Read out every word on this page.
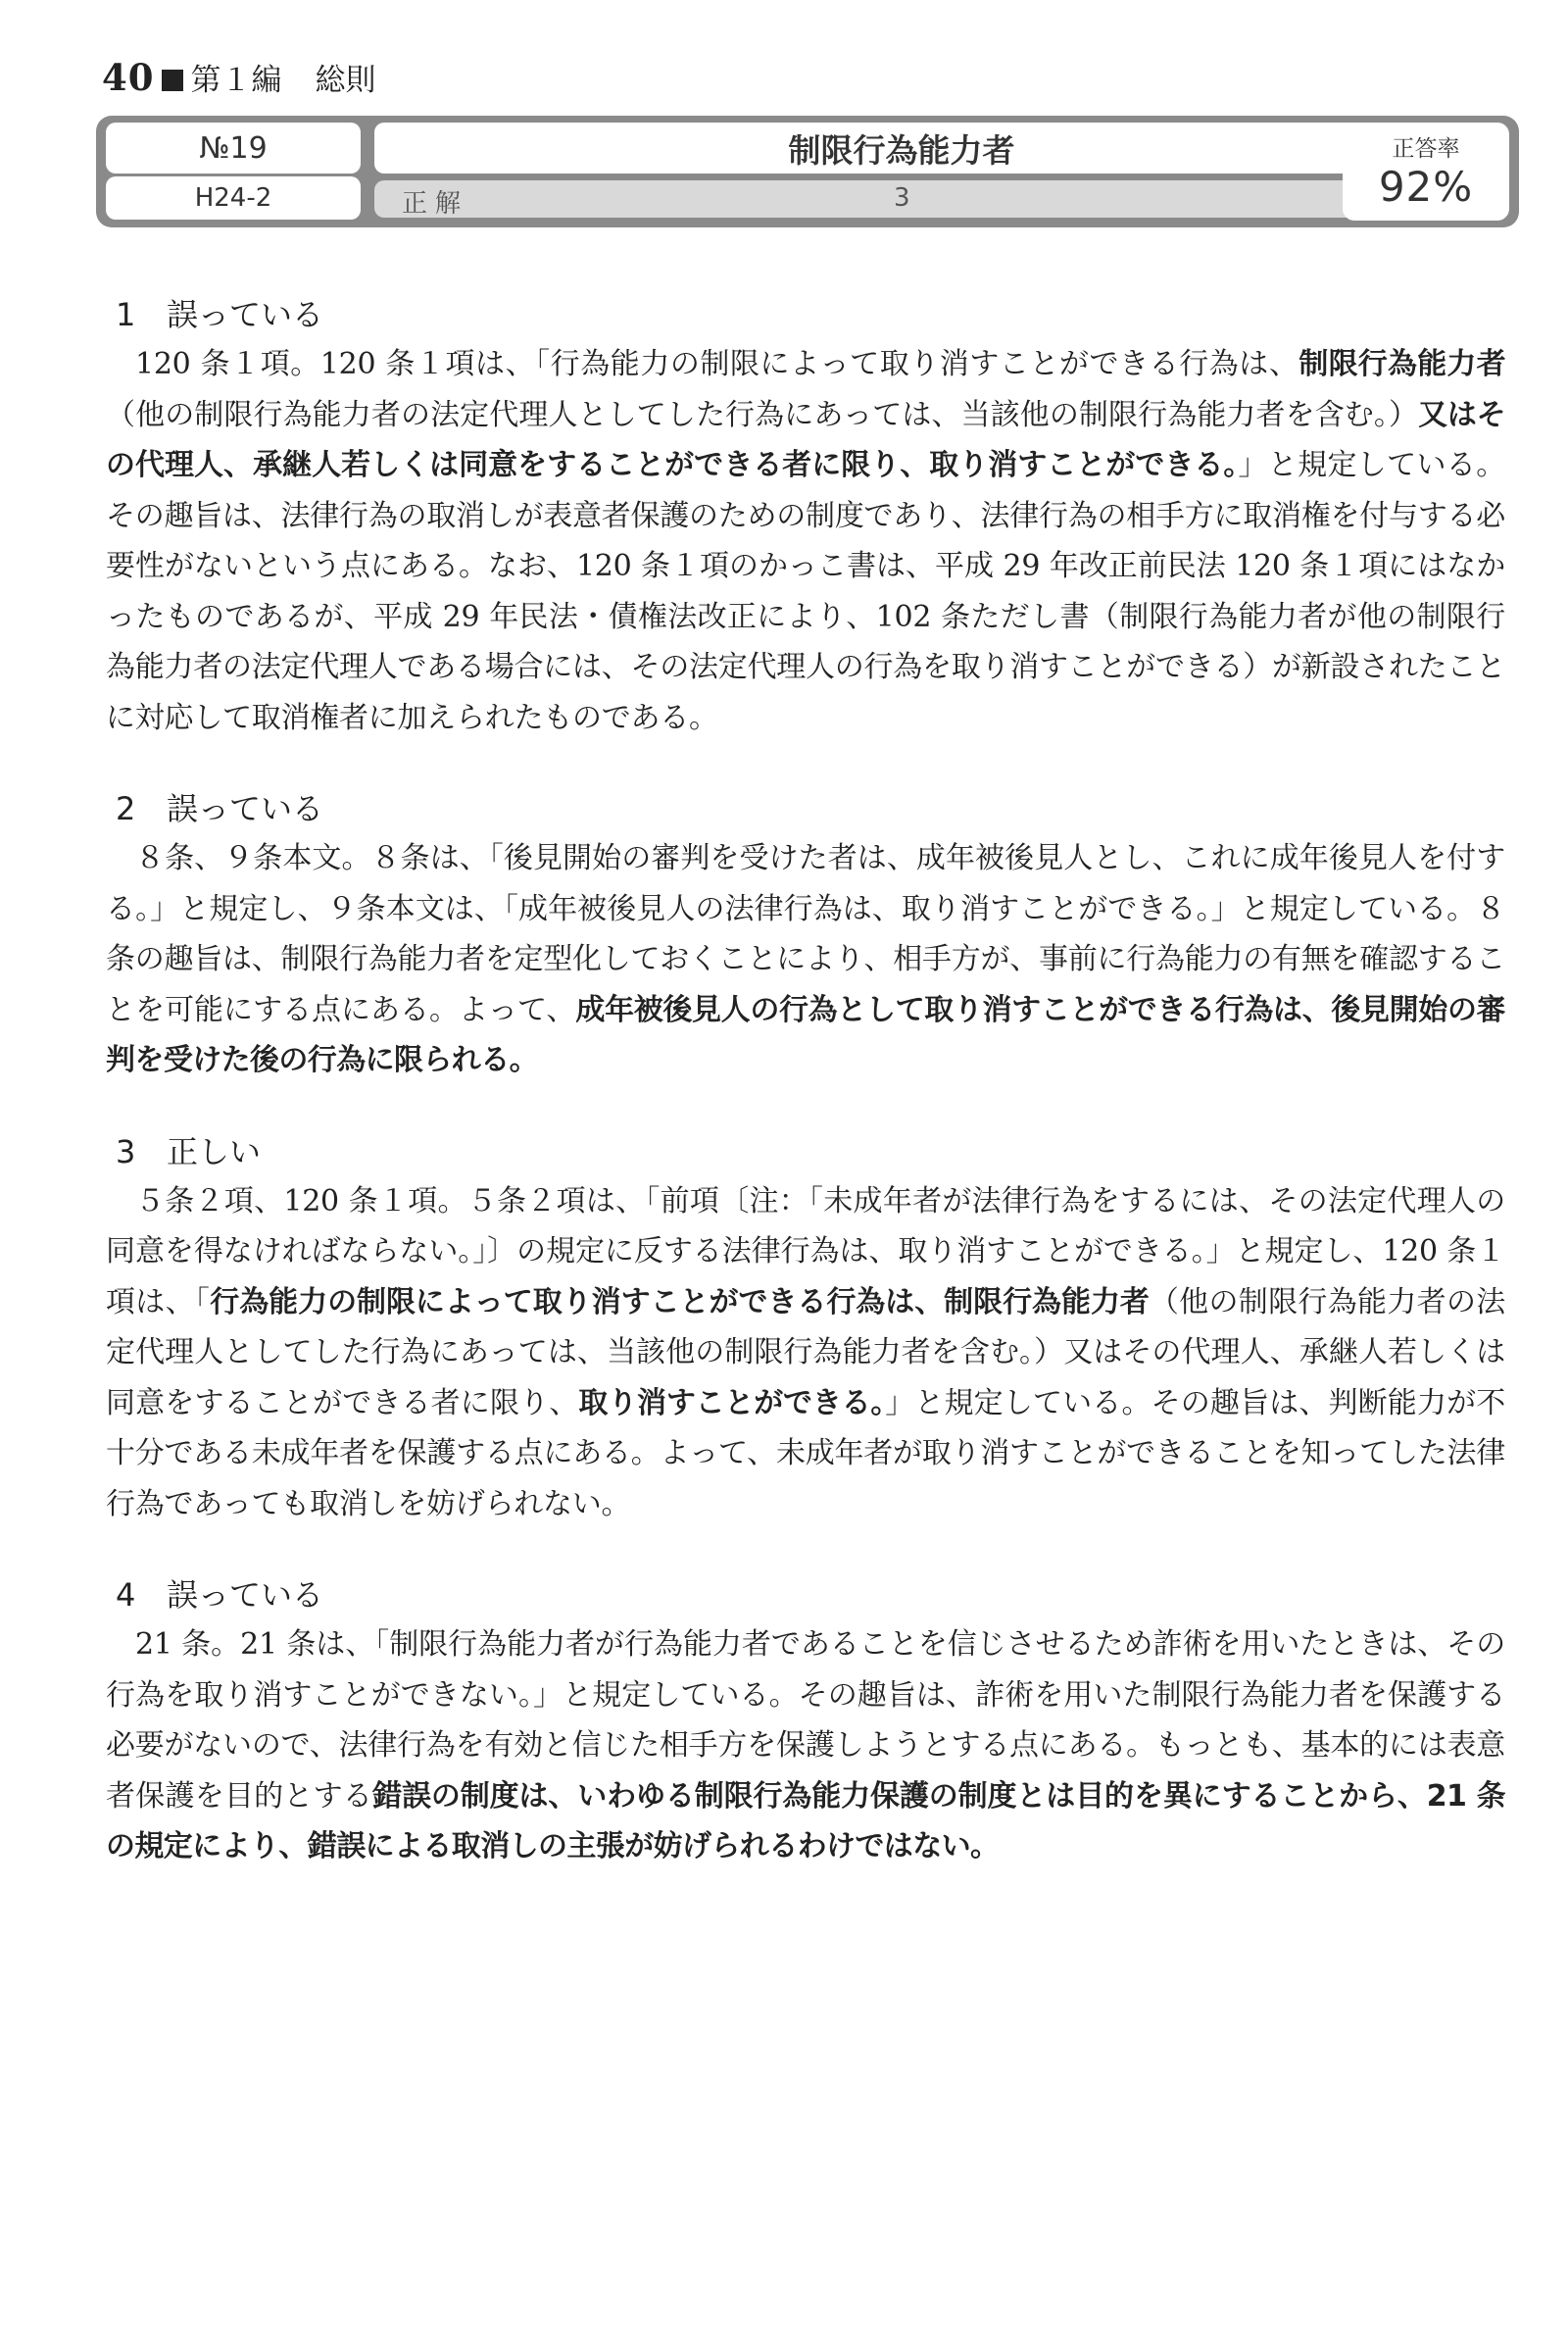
40 第１編 総則
№19
H24-2
制限行為能力者
正解	3
正答率
92%
1 誤っている
120 条１項。120 条１項は、「行為能力の制限によって取り消すことができる行為は、制限行為能力者（他の制限行為能力者の法定代理人としてした行為にあっては、当該他の制限行為能力者を含む。）又はその代理人、承継人若しくは同意をすることができる者に限り、取り消すことができる。」と規定している。その趣旨は、法律行為の取消しが表意者保護のための制度であり、法律行為の相手方に取消権を付与する必要性がないという点にある。なお、120 条１項のかっこ書は、平成 29 年改正前民法 120 条１項にはなかったものであるが、平成 29 年民法・債権法改正により、102 条ただし書（制限行為能力者が他の制限行為能力者の法定代理人である場合には、その法定代理人の行為を取り消すことができる）が新設されたことに対応して取消権者に加えられたものである。
2 誤っている
８条、９条本文。８条は、「後見開始の審判を受けた者は、成年被後見人とし、これに成年後見人を付する。」と規定し、９条本文は、「成年被後見人の法律行為は、取り消すことができる。」と規定している。８条の趣旨は、制限行為能力者を定型化しておくことにより、相手方が、事前に行為能力の有無を確認することを可能にする点にある。よって、成年被後見人の行為として取り消すことができる行為は、後見開始の審判を受けた後の行為に限られる。
3 正しい
５条２項、120 条１項。５条２項は、「前項〔注：「未成年者が法律行為をするには、その法定代理人の同意を得なければならない。」〕の規定に反する法律行為は、取り消すことができる。」と規定し、120 条１項は、「行為能力の制限によって取り消すことができる行為は、制限行為能力者（他の制限行為能力者の法定代理人としてした行為にあっては、当該他の制限行為能力者を含む。）又はその代理人、承継人若しくは同意をすることができる者に限り、取り消すことができる。」と規定している。その趣旨は、判断能力が不十分である未成年者を保護する点にある。よって、未成年者が取り消すことができることを知ってした法律行為であっても取消しを妨げられない。
4 誤っている
21 条。21 条は、「制限行為能力者が行為能力者であることを信じさせるため詐術を用いたときは、その行為を取り消すことができない。」と規定している。その趣旨は、詐術を用いた制限行為能力者を保護する必要がないので、法律行為を有効と信じた相手方を保護しようとする点にある。もっとも、基本的には表意者保護を目的とする錯誤の制度は、いわゆる制限行為能力保護の制度とは目的を異にすることから、21 条の規定により、錯誤による取消しの主張が妨げられるわけではない。
